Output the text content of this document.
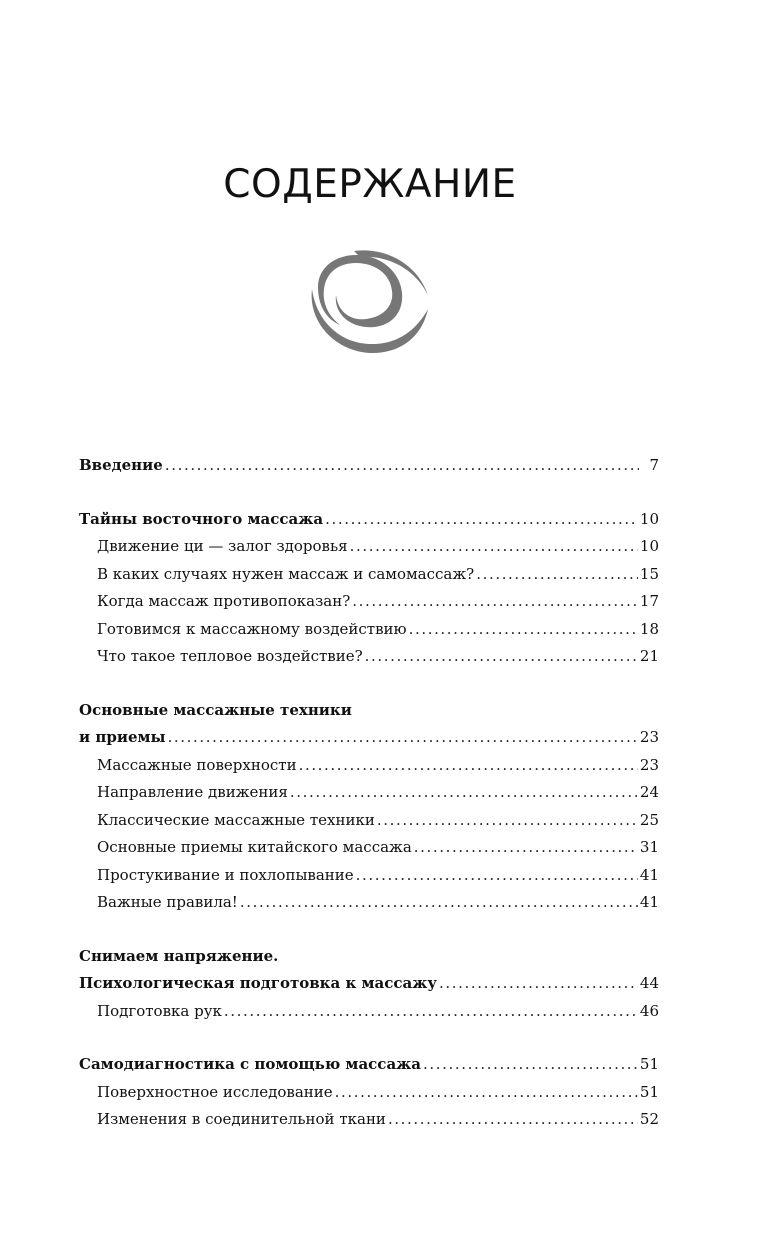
СОДЕРЖАНИЕ
Введение .....	7
Тайны восточного массажа .....	10
Движение ци — залог здоровья .....	10
В каких случаях нужен массаж и самомассаж? .....	15
Когда массаж противопоказан? .....	17
Готовимся к массажному воздействию .....	18
Что такое тепловое воздействие? .....	21
Основные массажные техники
и приемы .....	23
Массажные поверхности .....	23
Направление движения .....	24
Классические массажные техники .....	25
Основные приемы китайского массажа .....	31
Простукивание и похлопывание .....	41
Важные правила! .....	41
Снимаем напряжение.
Психологическая подготовка к массажу .....	44
Подготовка рук .....	46
Самодиагностика с помощью массажа .....	51
Поверхностное исследование .....	51
Изменения в соединительной ткани .....	52
